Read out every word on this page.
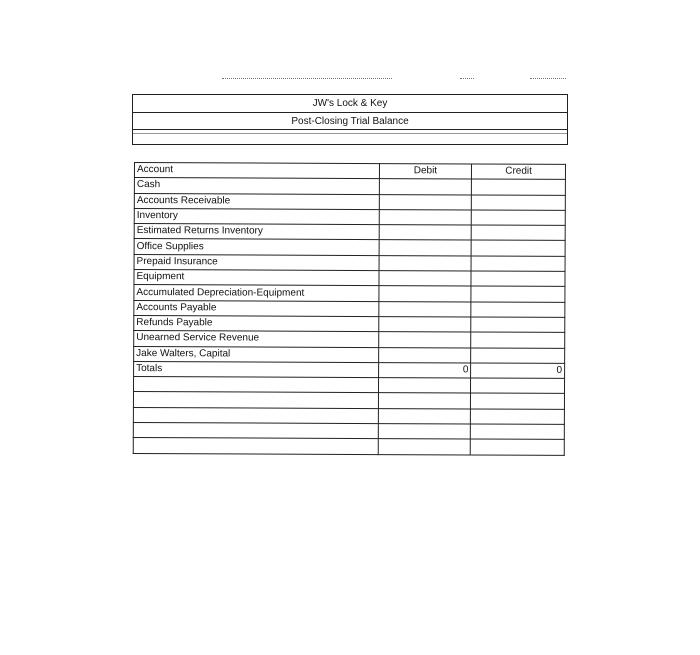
JW's Lock & Key
Post-Closing Trial Balance
Account	Debit	Credit
Cash		
Accounts Receivable		
Inventory		
Estimated Returns Inventory		
Office Supplies		
Prepaid Insurance		
Equipment		
Accumulated Depreciation-Equipment		
Accounts Payable		
Refunds Payable		
Unearned Service Revenue		
Jake Walters, Capital		
Totals	0	0
